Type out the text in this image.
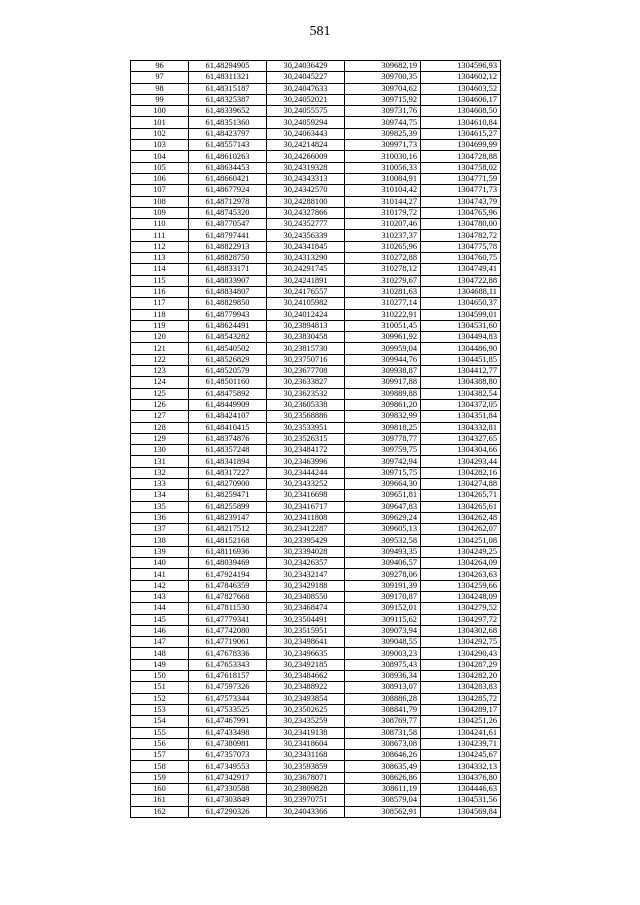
581
96	61,48294905	30,24036429	309682,19	1304596,93
97	61,48311321	30,24045227	309700,35	1304602,12
98	61,48315187	30,24047633	309704,62	1304603,52
99	61,48325387	30,24052021	309715,92	1304606,17
100	61,48339652	30,24055575	309731,76	1304608,50
101	61,48351360	30,24059294	309744,75	1304610,84
102	61,48423797	30,24063443	309825,39	1304615,27
103	61,48557143	30,24214824	309971,73	1304699,99
104	61,48610263	30,24266009	310030,16	1304728,88
105	61,48634453	30,24319328	310056,33	1304758,02
106	61,48660421	30,24343313	310084,91	1304771,59
107	61,48677924	30,24342570	310104,42	1304771,73
108	61,48712978	30,24288100	310144,27	1304743,79
109	61,48745320	30,24327866	310179,72	1304765,96
110	61,48770547	30,24352777	310207,46	1304780,00
111	61,48797441	30,24356339	310237,37	1304782,72
112	61,48822913	30,24341845	310265,96	1304775,78
113	61,48828750	30,24313290	310272,88	1304760,75
114	61,48833171	30,24291745	310278,12	1304749,41
115	61,48833907	30,24241891	310279,67	1304722,88
116	61,48834807	30,24176557	310281,63	1304688,11
117	61,48829850	30,24105982	310277,14	1304650,37
118	61,48779943	30,24012424	310222,91	1304599,01
119	61,48624491	30,23894813	310051,45	1304531,60
120	61,48543282	30,23830458	309961,92	1304494,83
121	61,48540502	30,23815730	309959,04	1304486,90
122	61,48526829	30,23750716	309944,76	1304451,85
123	61,48520579	30,23677708	309938,87	1304412,77
124	61,48501160	30,23633827	309917,88	1304388,80
125	61,48475892	30,23623532	309889,88	1304382,54
126	61,48449909	30,23605338	309861,20	1304372,05
127	61,48424107	30,23568886	309832,99	1304351,84
128	61,48410415	30,23533951	309818,25	1304332,81
129	61,48374876	30,23526315	309778,77	1304327,65
130	61,48357248	30,23484172	309759,75	1304304,66
131	61,48341894	30,23463996	309742,94	1304293,44
132	61,48317227	30,23444244	309715,75	1304282,16
133	61,48270900	30,23433252	309664,30	1304274,88
134	61,48259471	30,23416698	309651,81	1304265,71
135	61,48255899	30,23416717	309647,83	1304265,61
136	61,48239147	30,23411808	309629,24	1304262,48
137	61,48217512	30,23412287	309605,13	1304262,07
138	61,48152168	30,23395429	309532,58	1304251,08
139	61,48116936	30,23394028	309493,35	1304249,25
140	61,48039469	30,23426357	309406,57	1304264,09
141	61,47924194	30,23432147	309278,06	1304263,63
142	61,47846359	30,23429188	309191,39	1304259,66
143	61,47827668	30,23408550	309170,87	1304248,09
144	61,47811530	30,23468474	309152,01	1304279,52
145	61,47779341	30,23504491	309115,62	1304297,72
146	61,47742080	30,23515951	309073,94	1304302,68
147	61,47719061	30,23498641	309048,55	1304292,75
148	61,47678336	30,23496635	309003,23	1304290,43
149	61,47653343	30,23492185	308975,43	1304287,29
150	61,47618157	30,23484662	308936,34	1304282,20
151	61,47597326	30,23488922	308913,07	1304283,83
152	61,47573344	30,23493854	308886,28	1304285,72
153	61,47533525	30,23502625	308841,79	1304289,17
154	61,47467991	30,23435259	308769,77	1304251,26
155	61,47433498	30,23419138	308731,58	1304241,61
156	61,47380981	30,23418604	308673,08	1304239,71
157	61,47357073	30,23431168	308646,26	1304245,67
158	61,47349553	30,23593859	308635,49	1304332,13
159	61,47342917	30,23678071	308626,86	1304376,80
160	61,47330588	30,23809828	308611,19	1304446,63
161	61,47303849	30,23970751	308579,04	1304531,56
162	61,47290326	30,24043366	308562,91	1304569,84
